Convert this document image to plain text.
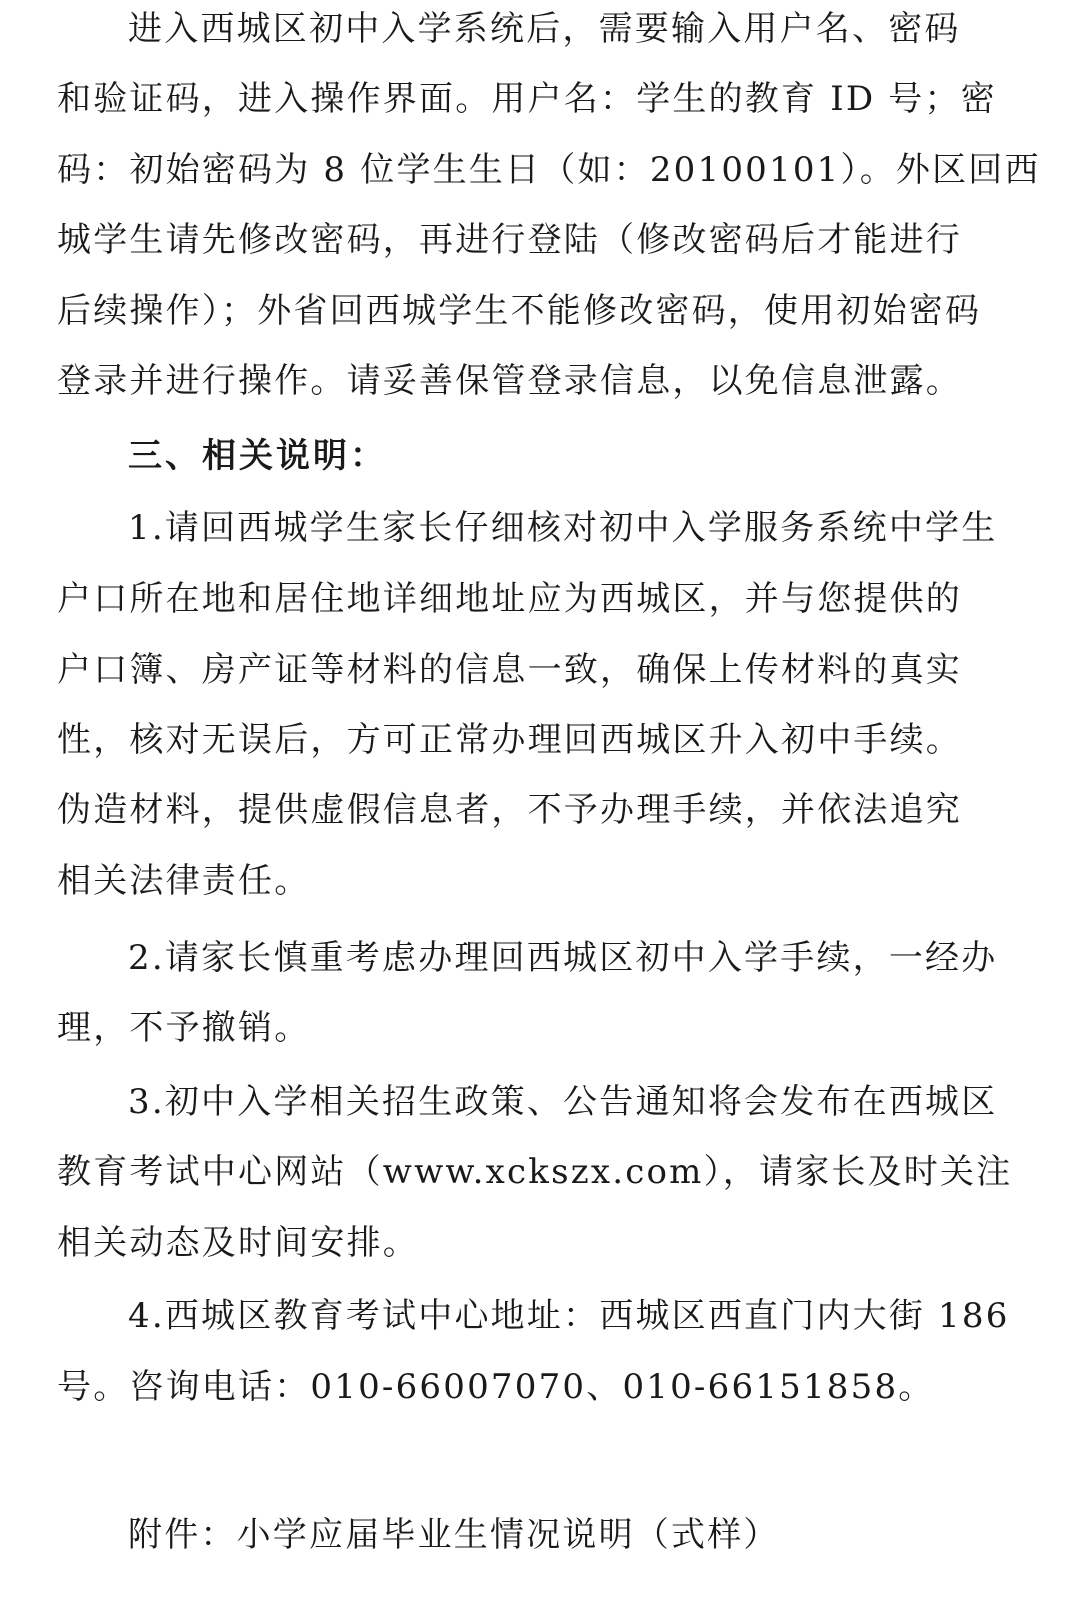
进入西城区初中入学系统后，需要输入用户名、密码
和验证码，进入操作界面。用户名：学生的教育 ID 号；密
码：初始密码为 8 位学生生日（如：20100101）。外区回西
城学生请先修改密码，再进行登陆（修改密码后才能进行
后续操作）；外省回西城学生不能修改密码，使用初始密码
登录并进行操作。请妥善保管登录信息，以免信息泄露。
三、相关说明：
1.请回西城学生家长仔细核对初中入学服务系统中学生
户口所在地和居住地详细地址应为西城区，并与您提供的
户口簿、房产证等材料的信息一致，确保上传材料的真实
性，核对无误后，方可正常办理回西城区升入初中手续。
伪造材料，提供虚假信息者，不予办理手续，并依法追究
相关法律责任。
2.请家长慎重考虑办理回西城区初中入学手续，一经办
理，不予撤销。
3.初中入学相关招生政策、公告通知将会发布在西城区
教育考试中心网站（www.xckszx.com），请家长及时关注
相关动态及时间安排。
4.西城区教育考试中心地址：西城区西直门内大街 186
号。咨询电话：010-66007070、010-66151858。
附件：小学应届毕业生情况说明（式样）
